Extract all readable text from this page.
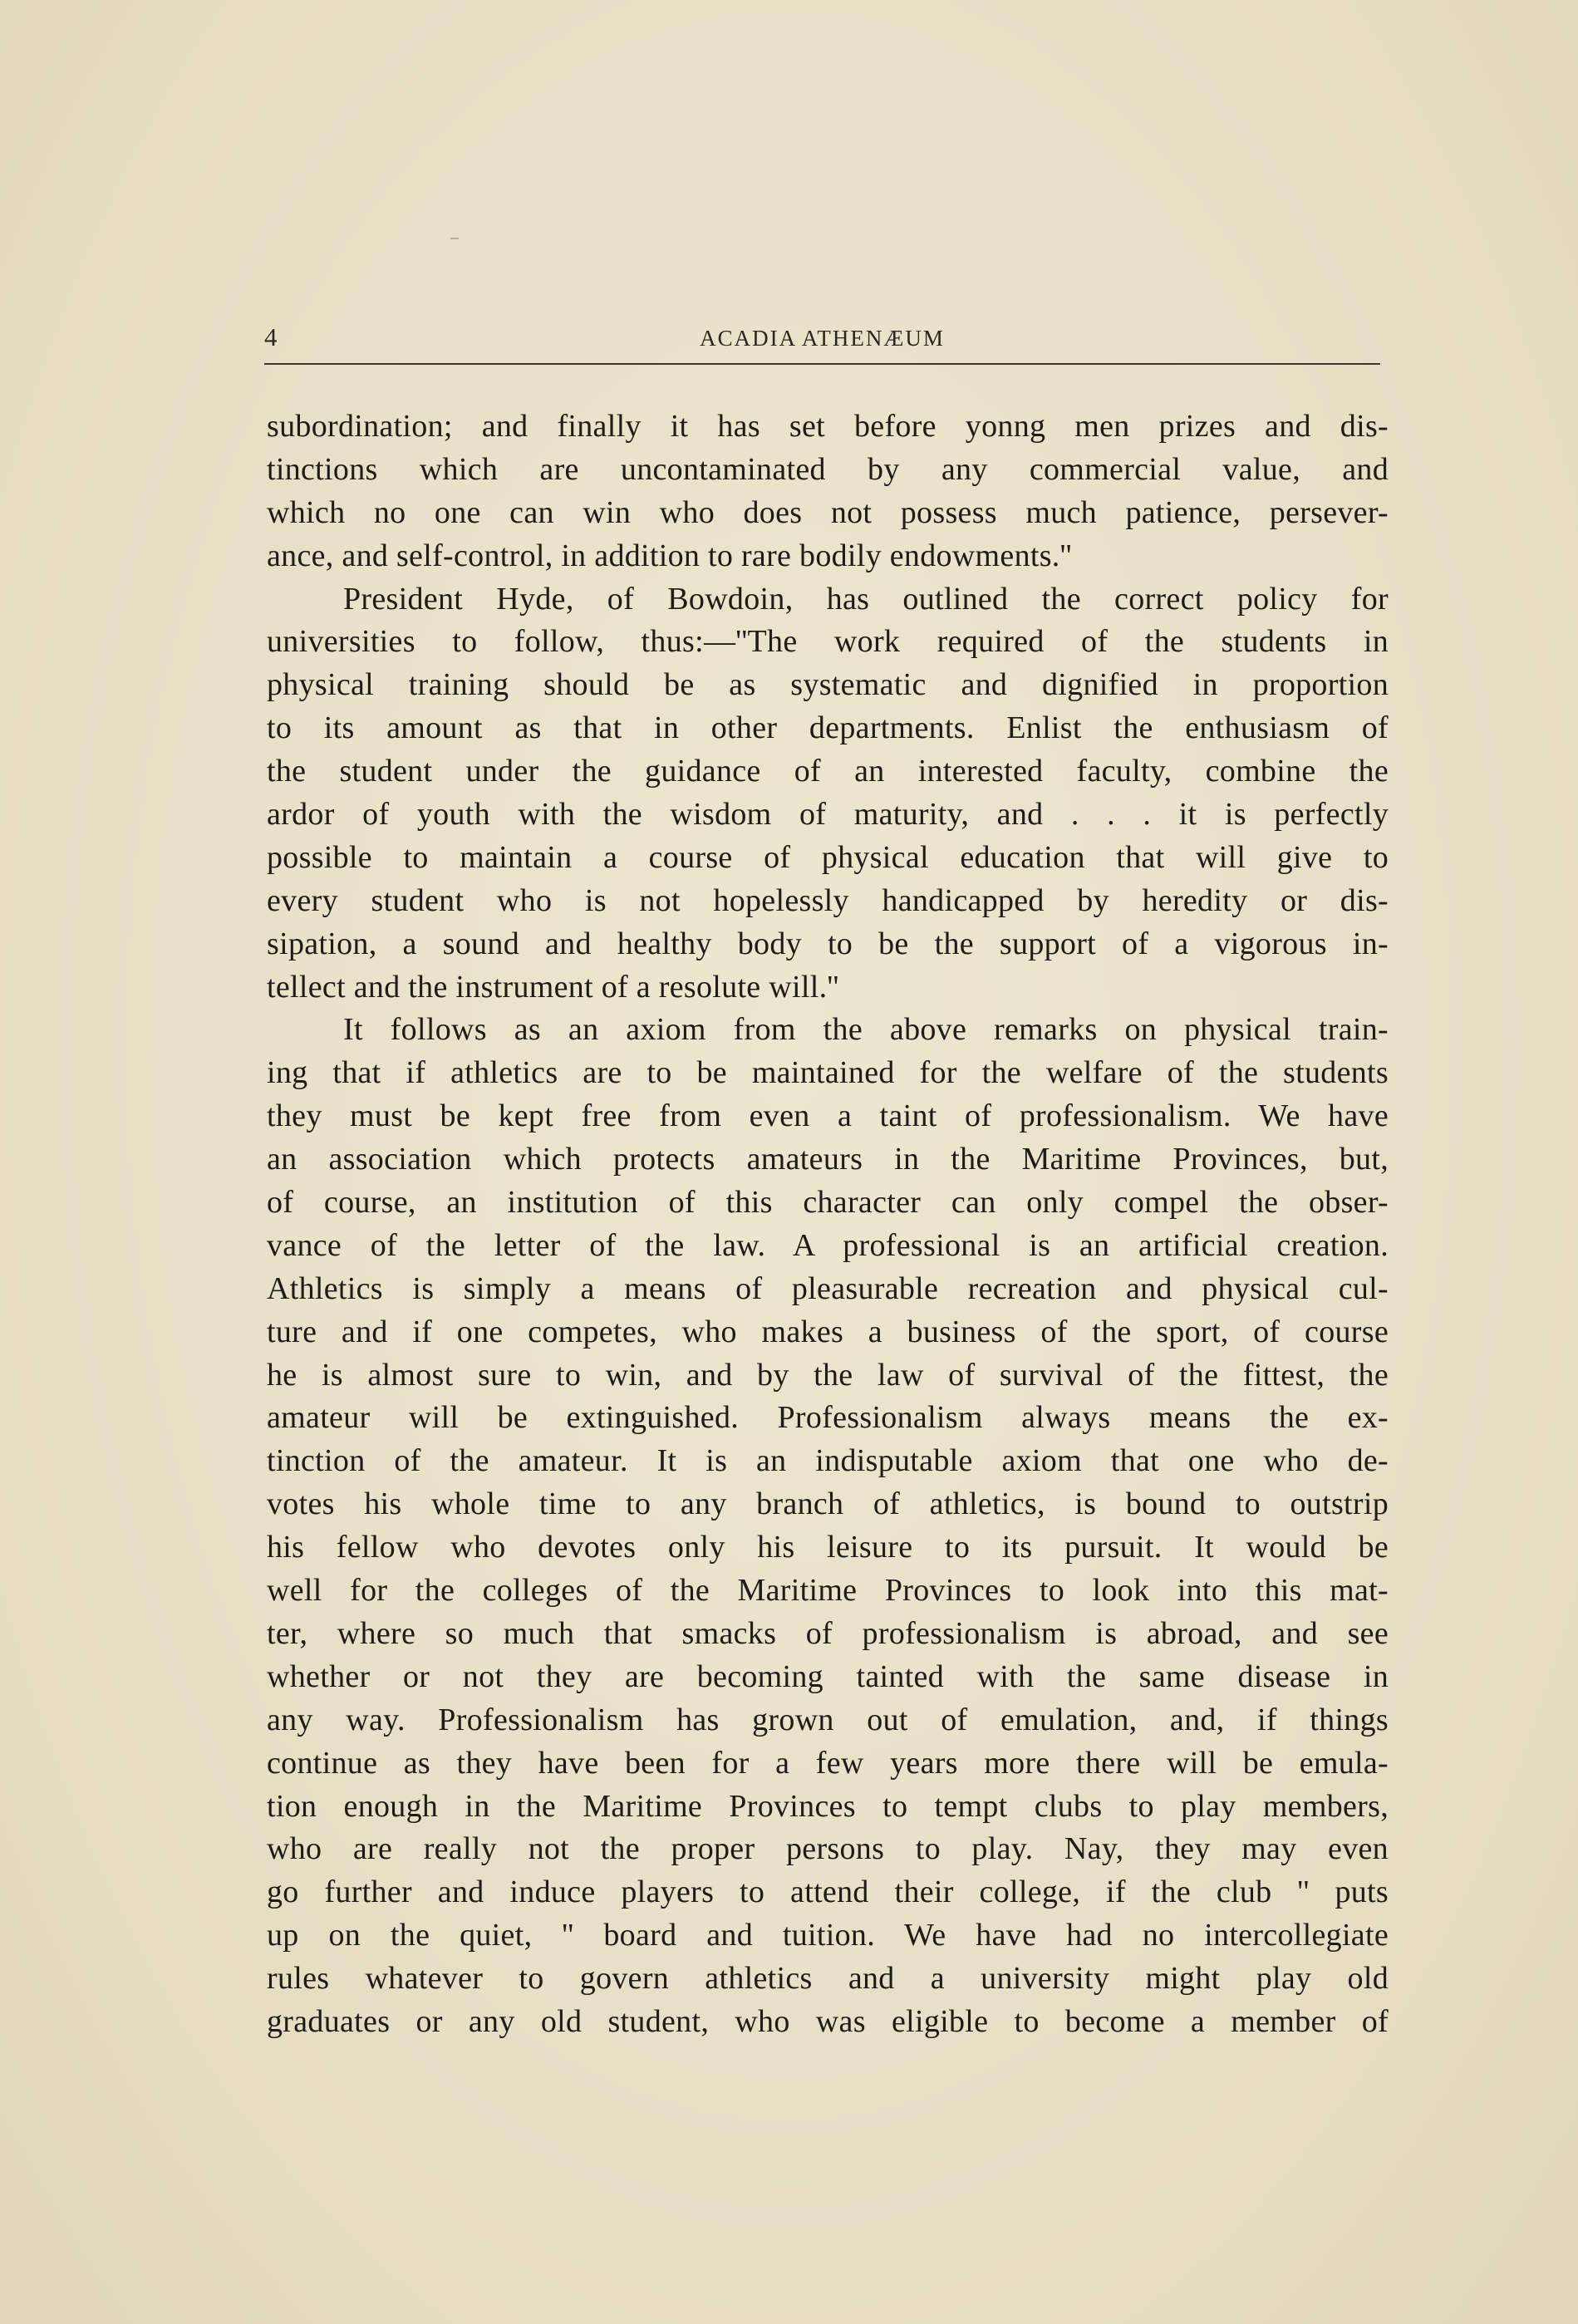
4	ACADIA ATHENÆUM
subordination; and finally it has set before yonng men prizes and dis-
tinctions which are uncontaminated by any commercial value, and
which no one can win who does not possess much patience, persever-
ance, and self-control, in addition to rare bodily endowments.''
President Hyde, of Bowdoin, has outlined the correct policy for
universities to follow, thus:—''The work required of the students in
physical training should be as systematic and dignified in proportion
to its amount as that in other departments. Enlist the enthusiasm of
the student under the guidance of an interested faculty, combine the
ardor of youth with the wisdom of maturity, and . . . it is perfectly
possible to maintain a course of physical education that will give to
every student who is not hopelessly handicapped by heredity or dis-
sipation, a sound and healthy body to be the support of a vigorous in-
tellect and the instrument of a resolute will.''
It follows as an axiom from the above remarks on physical train-
ing that if athletics are to be maintained for the welfare of the students
they must be kept free from even a taint of professionalism. We have
an association which protects amateurs in the Maritime Provinces, but,
of course, an institution of this character can only compel the obser-
vance of the letter of the law. A professional is an artificial creation.
Athletics is simply a means of pleasurable recreation and physical cul-
ture and if one competes, who makes a business of the sport, of course
he is almost sure to win, and by the law of survival of the fittest, the
amateur will be extinguished. Professionalism always means the ex-
tinction of the amateur. It is an indisputable axiom that one who de-
votes his whole time to any branch of athletics, is bound to outstrip
his fellow who devotes only his leisure to its pursuit. It would be
well for the colleges of the Maritime Provinces to look into this mat-
ter, where so much that smacks of professionalism is abroad, and see
whether or not they are becoming tainted with the same disease in
any way. Professionalism has grown out of emulation, and, if things
continue as they have been for a few years more there will be emula-
tion enough in the Maritime Provinces to tempt clubs to play members,
who are really not the proper persons to play. Nay, they may even
go further and induce players to attend their college, if the club '' puts
up on the quiet, '' board and tuition. We have had no intercollegiate
rules whatever to govern athletics and a university might play old
graduates or any old student, who was eligible to become a member of
